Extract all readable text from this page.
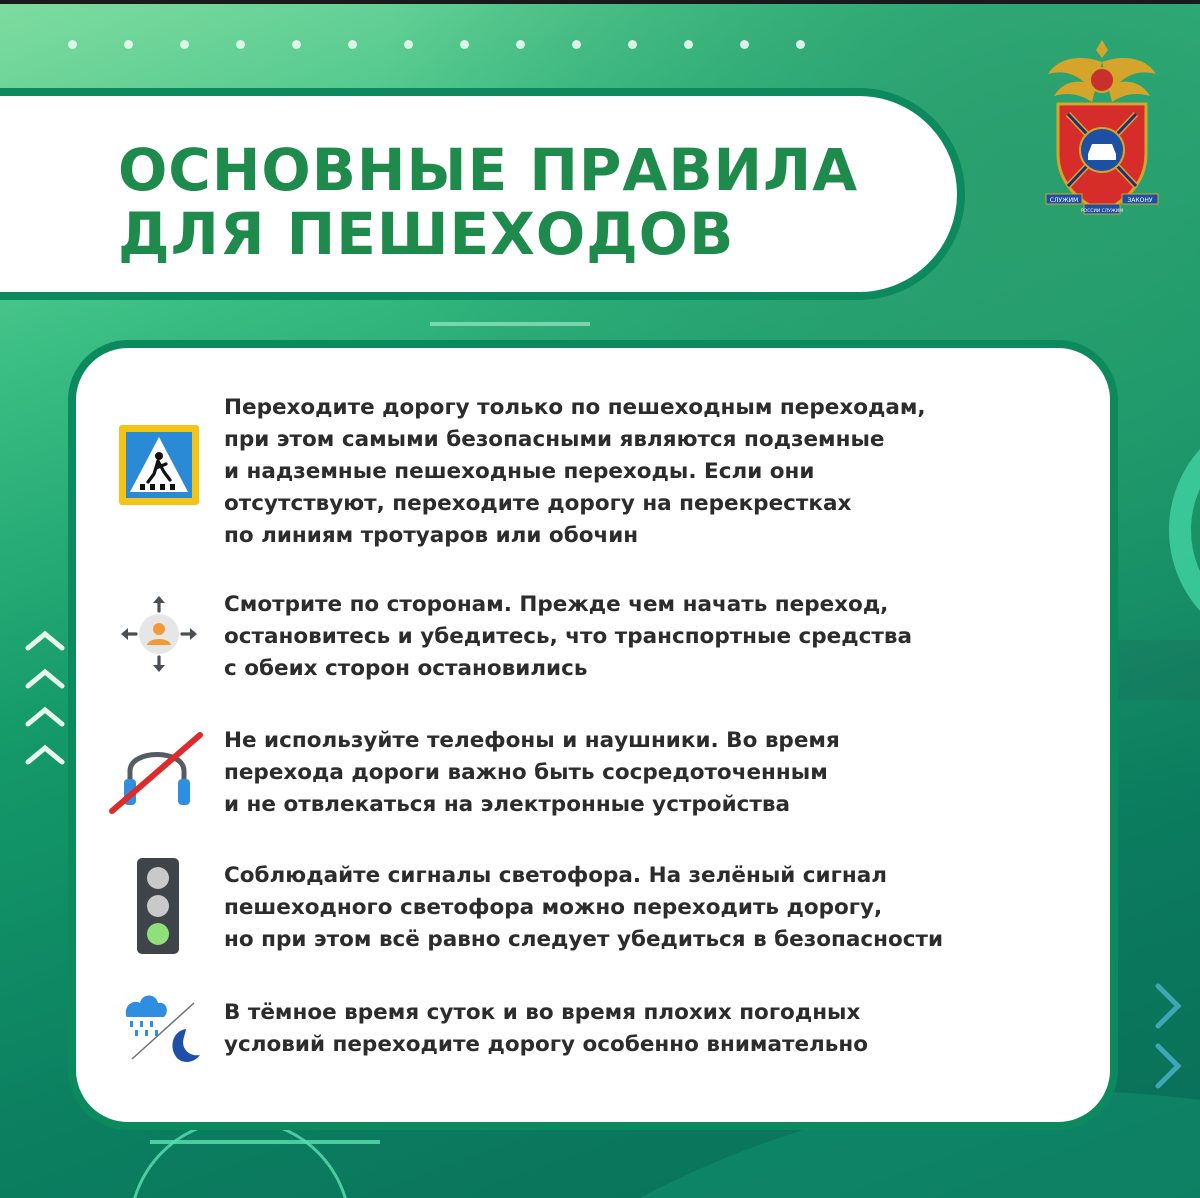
ОСНОВНЫЕ ПРАВИЛА
ДЛЯ ПЕШЕХОДОВ	СЛУЖИМ
РОССИИ СЛУЖИМ
ЗАКОНУ

Переходите дорогу только по пешеходным переходам,
при этом самыми безопасными являются подземные
и надземные пешеходные переходы. Если они
отсутствуют, переходите дорогу на перекрестках
по линиям тротуаров или обочин

Смотрите по сторонам. Прежде чем начать переход,
остановитесь и убедитесь, что транспортные средства
с обеих сторон остановились

Не используйте телефоны и наушники. Во время
перехода дороги важно быть сосредоточенным
и не отвлекаться на электронные устройства

Соблюдайте сигналы светофора. На зелёный сигнал
пешеходного светофора можно переходить дорогу,
но при этом всё равно следует убедиться в безопасности

В тёмное время суток и во время плохих погодных
условий переходите дорогу особенно внимательно
